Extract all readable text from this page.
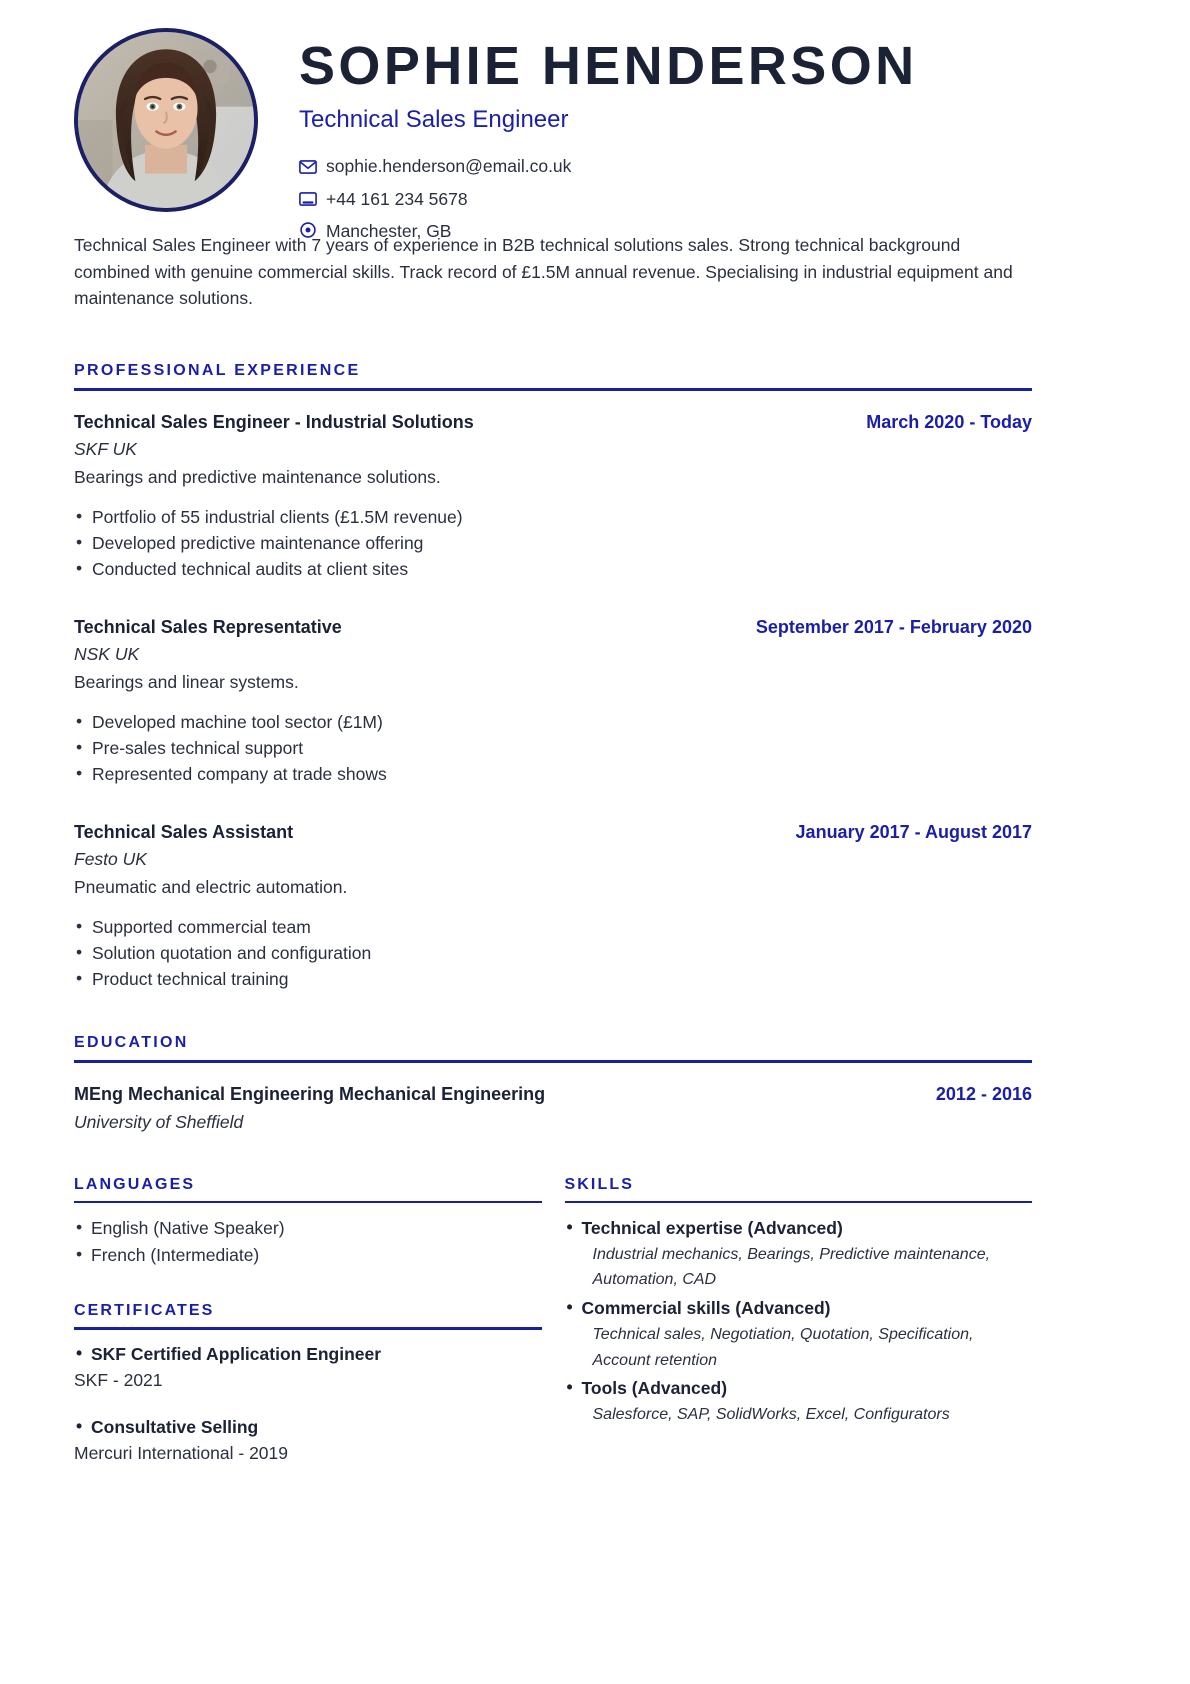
SOPHIE HENDERSON
Technical Sales Engineer
sophie.henderson@email.co.uk
+44 161 234 5678
Manchester, GB
Technical Sales Engineer with 7 years of experience in B2B technical solutions sales. Strong technical background combined with genuine commercial skills. Track record of £1.5M annual revenue. Specialising in industrial equipment and maintenance solutions.
PROFESSIONAL EXPERIENCE
Technical Sales Engineer - Industrial Solutions	March 2020 - Today
SKF UK
Bearings and predictive maintenance solutions.
• Portfolio of 55 industrial clients (£1.5M revenue)
• Developed predictive maintenance offering
• Conducted technical audits at client sites
Technical Sales Representative	September 2017 - February 2020
NSK UK
Bearings and linear systems.
• Developed machine tool sector (£1M)
• Pre-sales technical support
• Represented company at trade shows
Technical Sales Assistant	January 2017 - August 2017
Festo UK
Pneumatic and electric automation.
• Supported commercial team
• Solution quotation and configuration
• Product technical training
EDUCATION
MEng Mechanical Engineering Mechanical Engineering	2012 - 2016
University of Sheffield
LANGUAGES
• English (Native Speaker)
• French (Intermediate)
CERTIFICATES
• SKF Certified Application Engineer
SKF - 2021
• Consultative Selling
Mercuri International - 2019
SKILLS
• Technical expertise (Advanced)
Industrial mechanics, Bearings, Predictive maintenance, Automation, CAD
• Commercial skills (Advanced)
Technical sales, Negotiation, Quotation, Specification, Account retention
• Tools (Advanced)
Salesforce, SAP, SolidWorks, Excel, Configurators
